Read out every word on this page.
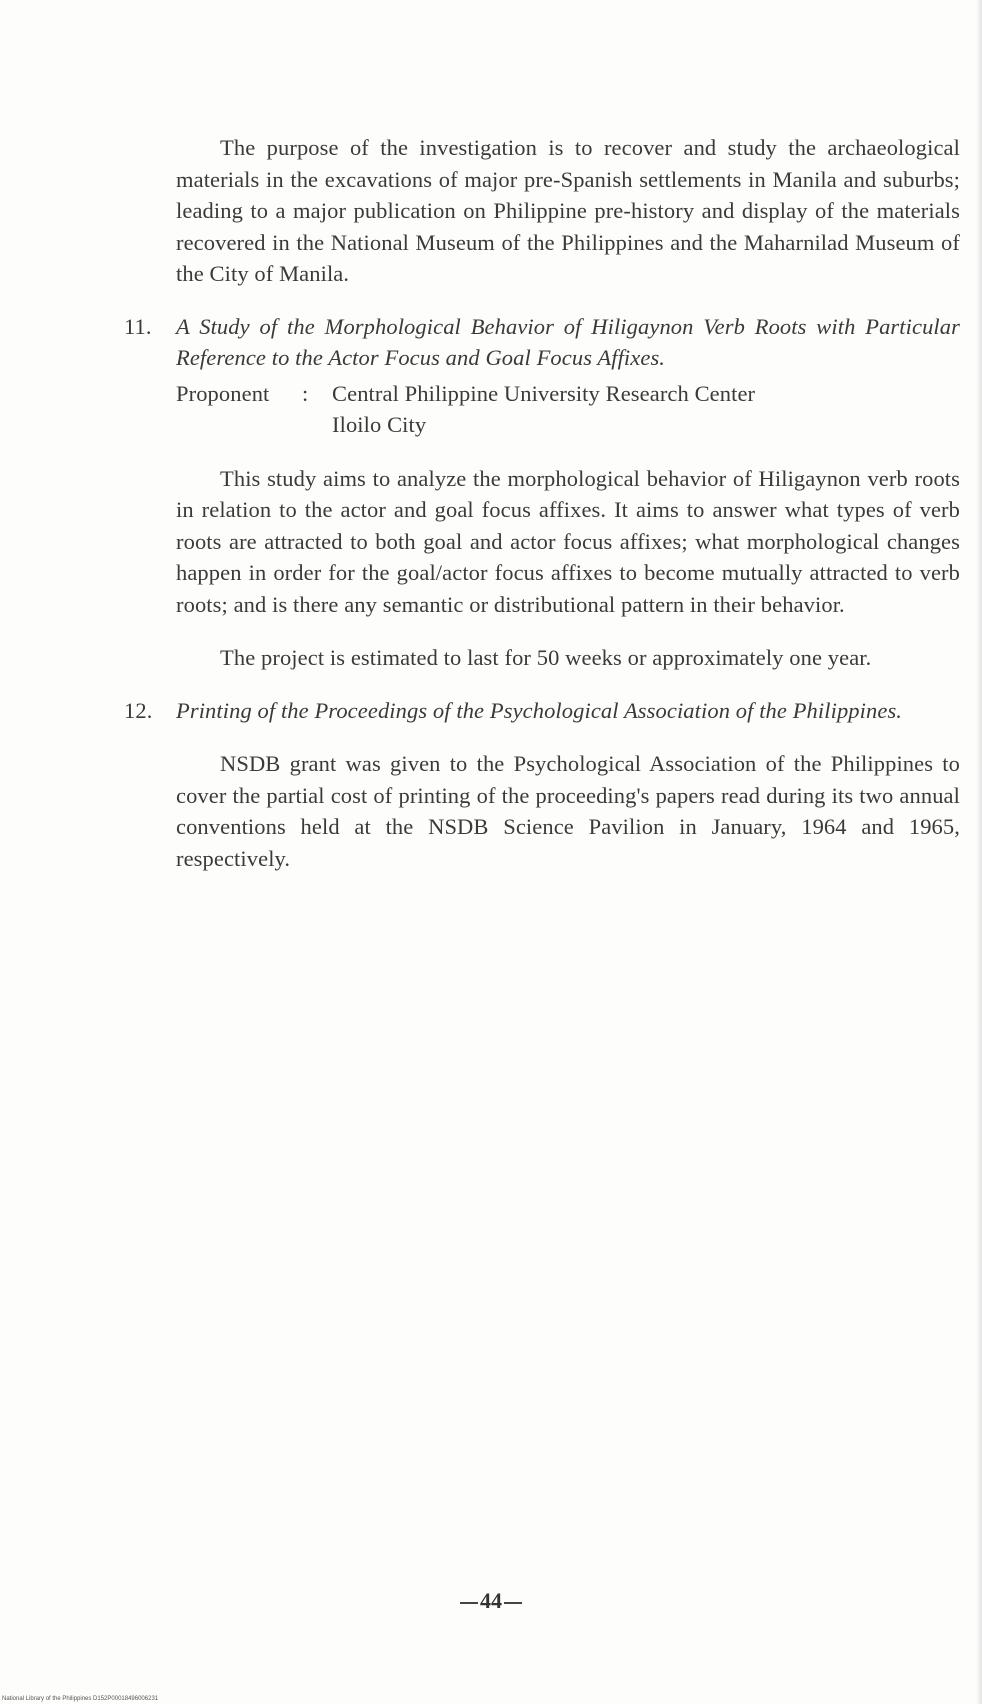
The purpose of the investigation is to recover and study the archaeological materials in the excavations of major pre-Spanish settlements in Manila and suburbs; leading to a major publication on Philippine pre-history and display of the materials recovered in the National Museum of the Philippines and the Maharnilad Museum of the City of Manila.

11.	A Study of the Morphological Behavior of Hiligaynon Verb Roots with Particular Reference to the Actor Focus and Goal Focus Affixes.

Proponent	:	Central Philippine University Research Center
Iloilo City

This study aims to analyze the morphological behavior of Hiligaynon verb roots in relation to the actor and goal focus affixes. It aims to answer what types of verb roots are attracted to both goal and actor focus affixes; what morphological changes happen in order for the goal/actor focus affixes to become mutually attracted to verb roots; and is there any semantic or distributional pattern in their behavior.

The project is estimated to last for 50 weeks or approximately one year.

12.	Printing of the Proceedings of the Psychological Association of the Philippines.

NSDB grant was given to the Psychological Association of the Philippines to cover the partial cost of printing of the proceeding's papers read during its two annual conventions held at the NSDB Science Pavilion in January, 1964 and 1965, respectively.

44
National Library of the Philippines D152P00018496006231
